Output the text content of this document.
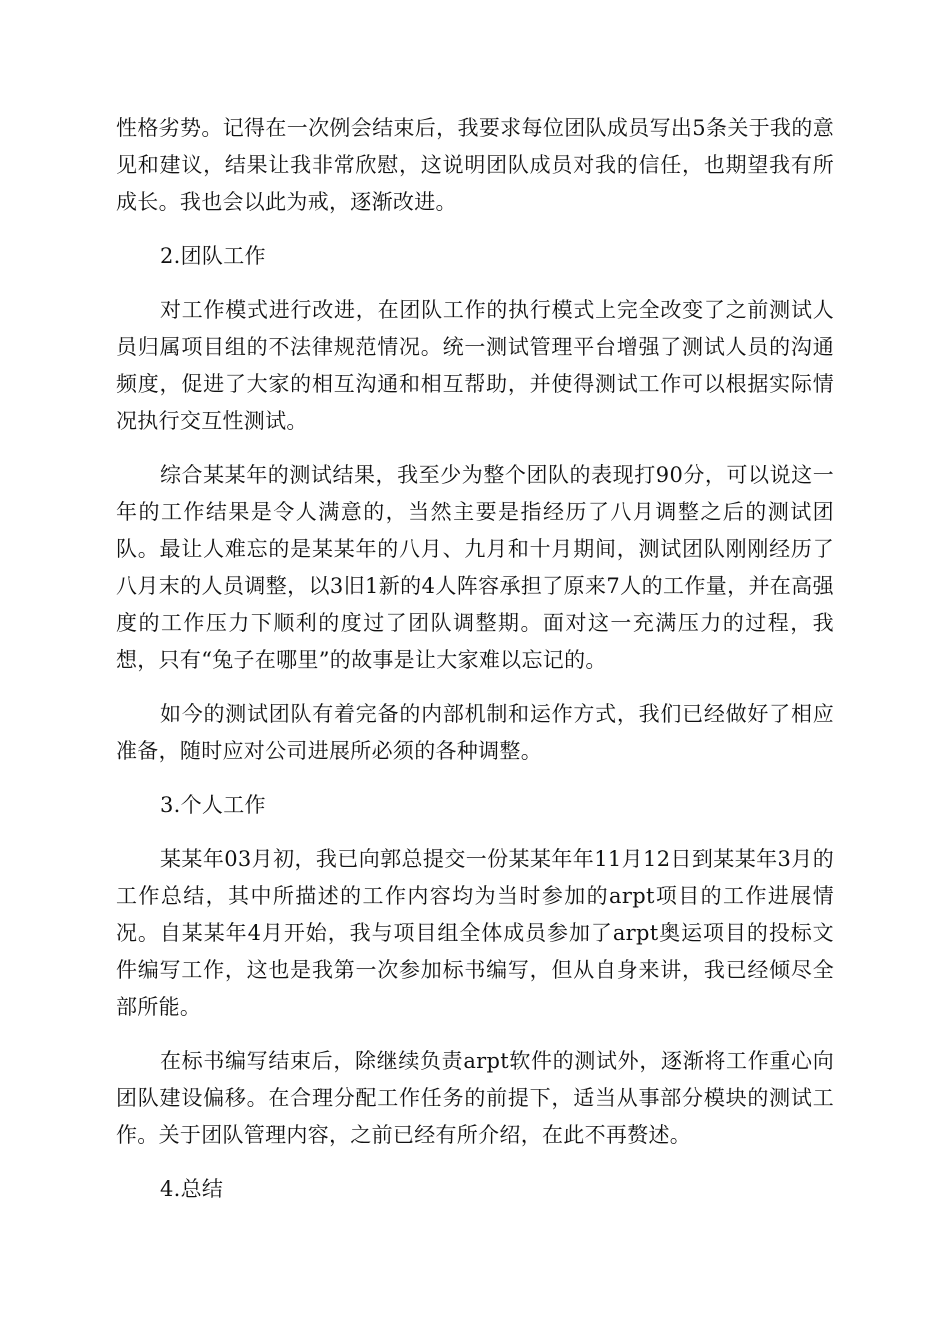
性格劣势。记得在一次例会结束后，我要求每位团队成员写出5条关于我的意见和建议，结果让我非常欣慰，这说明团队成员对我的信任，也期望我有所成长。我也会以此为戒，逐渐改进。

2.团队工作

对工作模式进行改进，在团队工作的执行模式上完全改变了之前测试人员归属项目组的不法律规范情况。统一测试管理平台增强了测试人员的沟通频度，促进了大家的相互沟通和相互帮助，并使得测试工作可以根据实际情况执行交互性测试。

综合某某年的测试结果，我至少为整个团队的表现打90分，可以说这一年的工作结果是令人满意的，当然主要是指经历了八月调整之后的测试团队。最让人难忘的是某某年的八月、九月和十月期间，测试团队刚刚经历了八月末的人员调整，以3旧1新的4人阵容承担了原来7人的工作量，并在高强度的工作压力下顺利的度过了团队调整期。面对这一充满压力的过程，我想，只有“兔子在哪里”的故事是让大家难以忘记的。

如今的测试团队有着完备的内部机制和运作方式，我们已经做好了相应准备，随时应对公司进展所必须的各种调整。

3.个人工作

某某年03月初，我已向郭总提交一份某某年年11月12日到某某年3月的工作总结，其中所描述的工作内容均为当时参加的arpt项目的工作进展情况。自某某年4月开始，我与项目组全体成员参加了arpt奥运项目的投标文件编写工作，这也是我第一次参加标书编写，但从自身来讲，我已经倾尽全部所能。

在标书编写结束后，除继续负责arpt软件的测试外，逐渐将工作重心向团队建设偏移。在合理分配工作任务的前提下，适当从事部分模块的测试工作。关于团队管理内容，之前已经有所介绍，在此不再赘述。

4.总结
